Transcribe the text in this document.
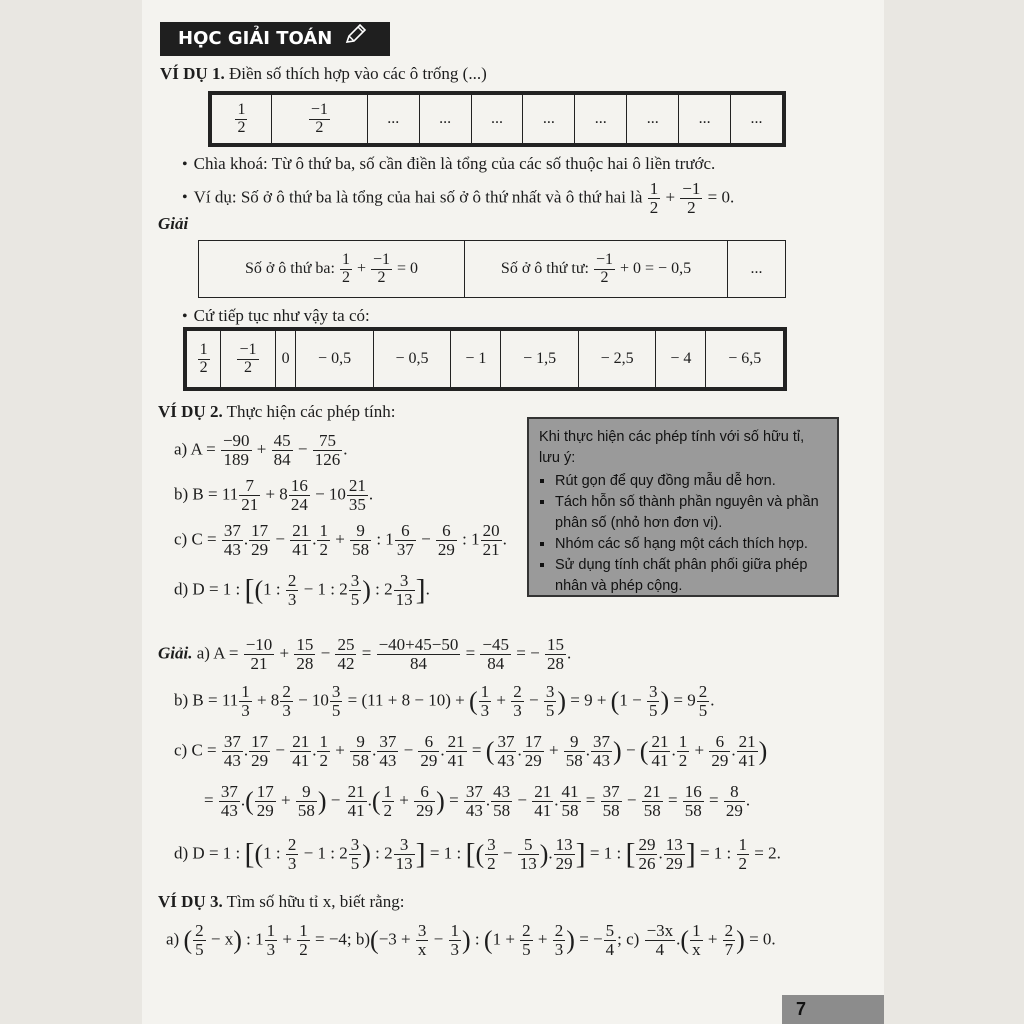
HỌC GIẢI TOÁN
VÍ DỤ 1. Điền số thích hợp vào các ô trống (...)
$\frac{1}{2}$	$\frac{-1}{2}$	...	...	...	...	...	...	...	...
• Chìa khoá: Từ ô thứ ba, số cần điền là tổng của các số thuộc hai ô liền trước.
• Ví dụ: Số ở ô thứ ba là tổng của hai số ở ô thứ nhất và ô thứ hai là $\frac{1}{2} + \frac{-1}{2} = 0$.
Giải
Số ở ô thứ ba: $\frac{1}{2} + \frac{-1}{2} = 0$	Số ở ô thứ tư: $\frac{-1}{2} + 0$ = − 0,5	...
• Cứ tiếp tục như vậy ta có:
$\frac{1}{2}$	$\frac{-1}{2}$	0	− 0,5	− 0,5	− 1	− 1,5	− 2,5	− 4	− 6,5
VÍ DỤ 2. Thực hiện các phép tính:
a) $A = \frac{-90}{189} + \frac{45}{84} - \frac{75}{126}$ .
b) $B = 11 \frac{7}{21} + 8 \frac{16}{24} - 10 \frac{21}{35}$ .
c) $C = \frac{37}{43}$ . $\frac{17}{29} - \frac{21}{41}$ . $\frac{1}{2} + \frac{9}{58}$ : $1 \frac{6}{37} - \frac{6}{29}$ : $1 \frac{20}{21}$ .
d) D = 1 : [(1 : $\frac{2}{3} - 1$ : $2 \frac{3}{5}$ ) : $2 \frac{3}{13}$ ].
Khi thực hiện các phép tính với số hữu tỉ, lưu ý:
▪ Rút gọn để quy đồng mẫu dễ hơn.
▪ Tách hỗn số thành phần nguyên và phần phân số (nhỏ hơn đơn vị).
▪ Nhóm các số hạng một cách thích hợp.
▪ Sử dụng tính chất phân phối giữa phép nhân và phép cộng.
Giải. a) $A = \frac{-10}{21} + \frac{15}{28} - \frac{25}{42} = \frac{-40+45-50}{84} = \frac{-45}{84}$ = − $\frac{15}{28}$ .
b) $B = 11 \frac{1}{3} + 8 \frac{2}{3} - 10 \frac{3}{5} = (11 + 8 - 10)$ + ( $\frac{1}{3} + \frac{2}{3} - \frac{3}{5}$ ) = $9 + (1 - \frac{3}{5}$ ) = $9 \frac{2}{5}$ .
c) $C = \frac{37}{43}$ . $\frac{17}{29} - \frac{21}{41}$ . $\frac{1}{2} + \frac{9}{58}$ . $\frac{37}{43} - \frac{6}{29}$ . $\frac{21}{41}$ = ( $\frac{37}{43}$ . $\frac{17}{29} + \frac{9}{58}$ . $\frac{37}{43}$ ) − ( $\frac{21}{41}$ . $\frac{1}{2} + \frac{6}{29}$ . $\frac{21}{41}$ )
= $\frac{37}{43}$ .( $\frac{17}{29} + \frac{9}{58}$ ) − $\frac{21}{41}$ .( $\frac{1}{2} + \frac{6}{29}$ ) = $\frac{37}{43}$ . $\frac{43}{58} - \frac{21}{41}$ . $\frac{41}{58} = \frac{37}{58} - \frac{21}{58} = \frac{16}{58} = \frac{8}{29}$ .
d) D = 1 : [(1 : $\frac{2}{3} - 1$ : $2 \frac{3}{5}$ ) : $2 \frac{3}{13}$ ] = 1 : [( $\frac{3}{2} - \frac{5}{13}$ ). $\frac{13}{29}$ ] = 1 : [ $\frac{29}{26}$ . $\frac{13}{29}$ ] = 1 : $\frac{1}{2} = 2$.
VÍ DỤ 3. Tìm số hữu tỉ x, biết rằng:
a) ( $\frac{2}{5} - x$) : $1 \frac{1}{3} + \frac{1}{2} = -4$; $b)(-3 + \frac{3}{x} - \frac{1}{3}$ ) : ($1 + \frac{2}{5} + \frac{2}{3}$ ) = − $\frac{5}{4}$ ; $c) \frac{-3x}{4}$ .( $\frac{1}{x} + \frac{2}{7}$ ) = 0.
7
